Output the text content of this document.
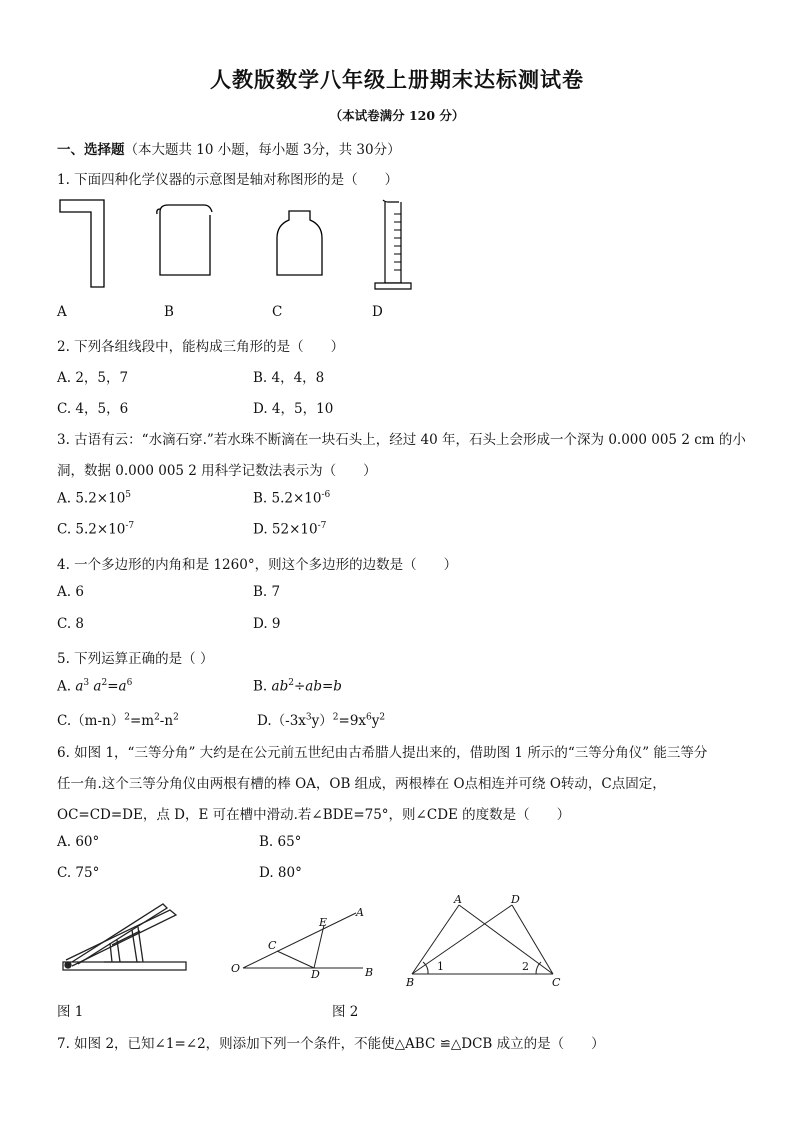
人教版数学八年级上册期末达标测试卷
（本试卷满分 120 分）
一、选择题（本大题共 10 小题，每小题 3分，共 30分）
1. 下面四种化学仪器的示意图是轴对称图形的是（　　）
A	B	C	D
2. 下列各组线段中，能构成三角形的是（　　）
A. 2，5，7	B. 4，4，8
C. 4，5，6	D. 4，5，10
3. 古语有云：“水滴石穿.”若水珠不断滴在一块石头上，经过 40 年，石头上会形成一个深为 0.000 005 2 cm 的小
洞，数据 0.000 005 2 用科学记数法表示为（　　）
A. $5.2\times 10^5$	B. $5.2\times 10^{-6}$
C. $5.2\times 10^{-7}$	D. $52\times 10^{-7}$
4. 一个多边形的内角和是 1260°，则这个多边形的边数是（　　）
A. 6	B. 7
C. 8	D. 9
5. 下列运算正确的是（ ）
A. $a^3$ $a^2=a^6$	B. $ab^2\div ab=b$
$C.(m-n)^2=m^2-n^2$	$D.(-3x^3y)^2=9x^6y^2$
6. 如图 1，“三等分角” 大约是在公元前五世纪由古希腊人提出来的，借助图 1 所示的“三等分角仪” 能三等分
任一角.这个三等分角仪由两根有槽的棒 OA，OB 组成，两根棒在 O点相连并可绕 O转动，C点固定，
OC=CD=DE，点 D，E 可在槽中滑动.若∠BDE=75°，则∠CDE 的度数是（　　）
A. 60°	B. 65°
C. 75°	D. 80°
O
C
D
E
A
B
A	D
B	C
1	2
图 1	图 2
7. 如图 2，已知∠1=∠2，则添加下列一个条件，不能使△ABC ≌△DCB 成立的是（　　）
